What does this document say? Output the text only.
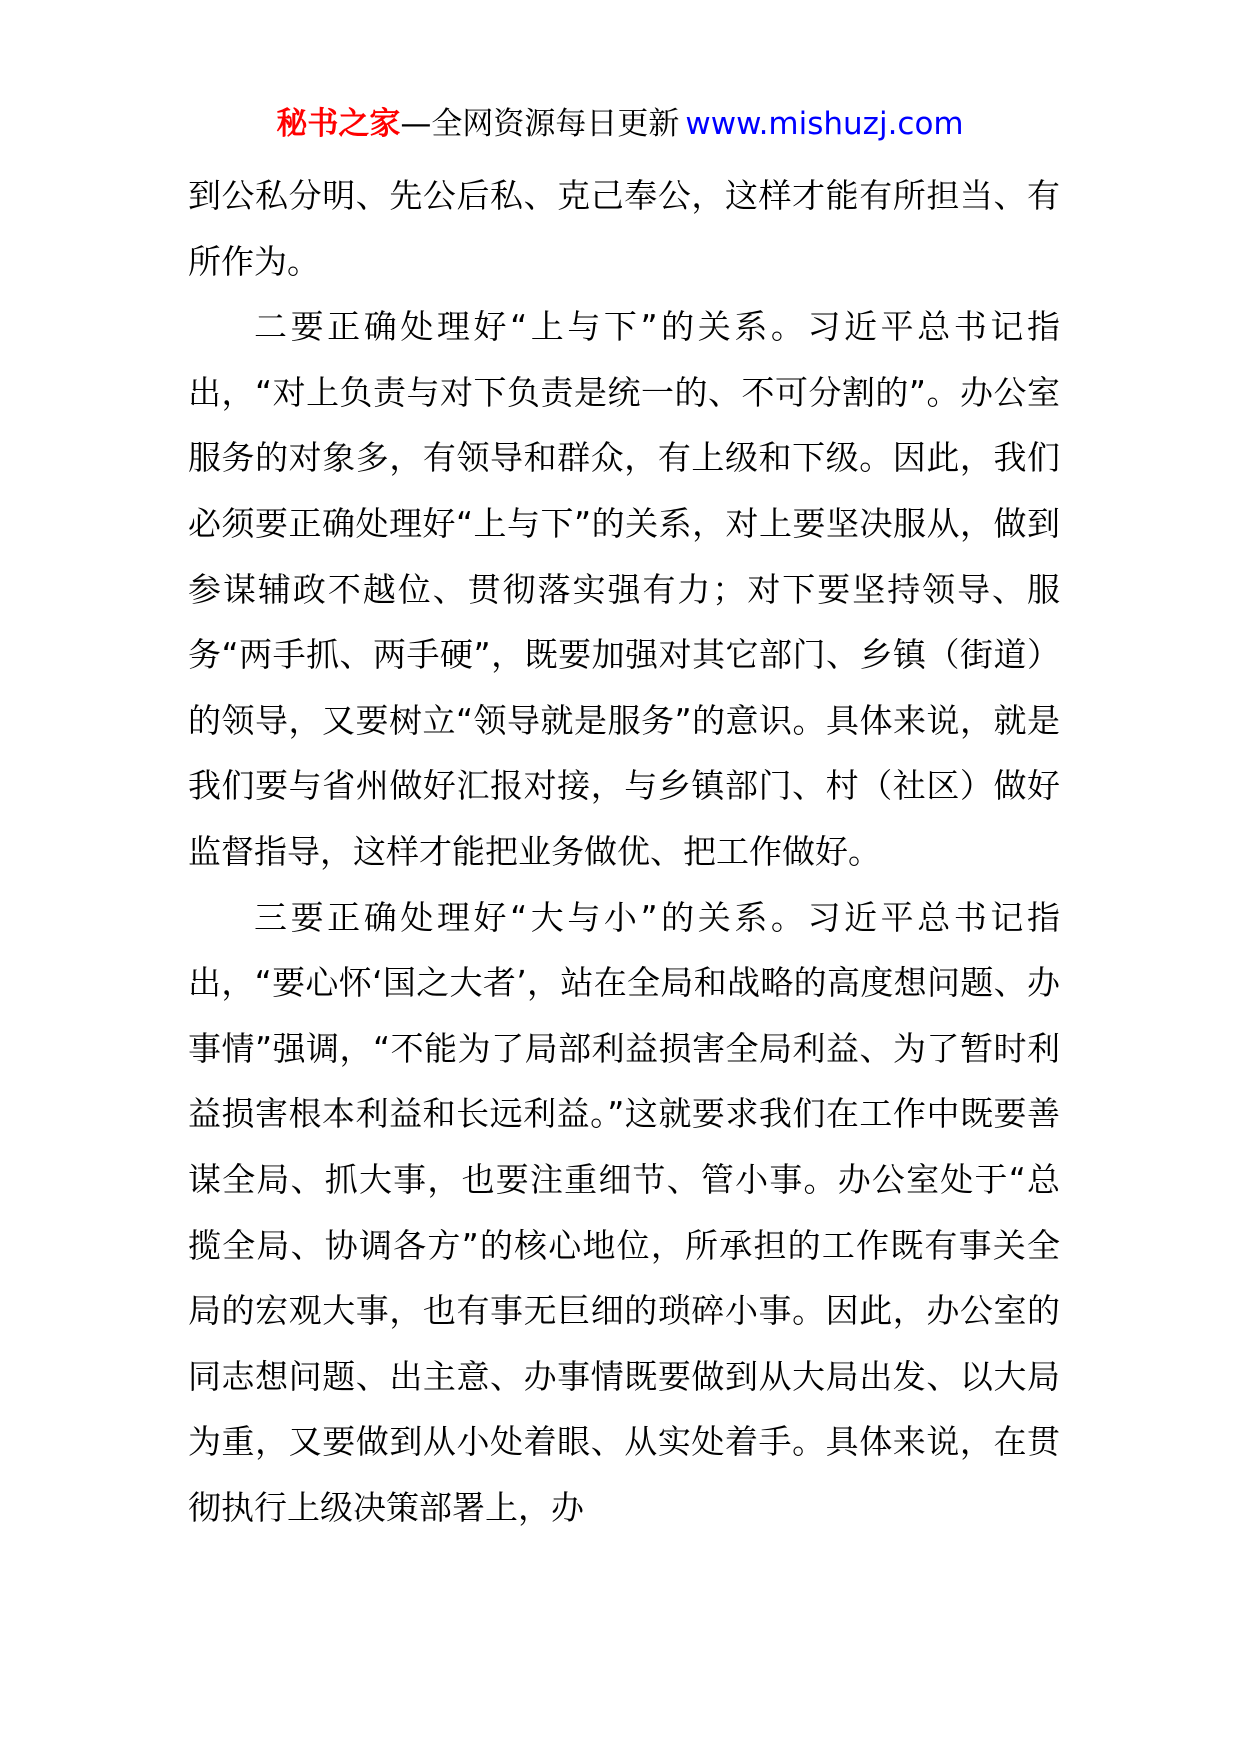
秘书之家—全网资源每日更新 www.mishuzj.com

到公私分明、先公后私、克己奉公，这样才能有所担当、有所作为。

二要正确处理好“上与下”的关系。习近平总书记指出，“对上负责与对下负责是统一的、不可分割的”。办公室服务的对象多，有领导和群众，有上级和下级。因此，我们必须要正确处理好“上与下”的关系，对上要坚决服从，做到参谋辅政不越位、贯彻落实强有力；对下要坚持领导、服务“两手抓、两手硬”，既要加强对其它部门、乡镇（街道）的领导，又要树立“领导就是服务”的意识。具体来说，就是我们要与省州做好汇报对接，与乡镇部门、村（社区）做好监督指导，这样才能把业务做优、把工作做好。

三要正确处理好“大与小”的关系。习近平总书记指出，“要心怀‘国之大者’，站在全局和战略的高度想问题、办事情”强调，“不能为了局部利益损害全局利益、为了暂时利益损害根本利益和长远利益。”这就要求我们在工作中既要善谋全局、抓大事，也要注重细节、管小事。办公室处于“总揽全局、协调各方”的核心地位，所承担的工作既有事关全局的宏观大事，也有事无巨细的琐碎小事。因此，办公室的同志想问题、出主意、办事情既要做到从大局出发、以大局为重，又要做到从小处着眼、从实处着手。具体来说，在贯彻执行上级决策部署上，办
